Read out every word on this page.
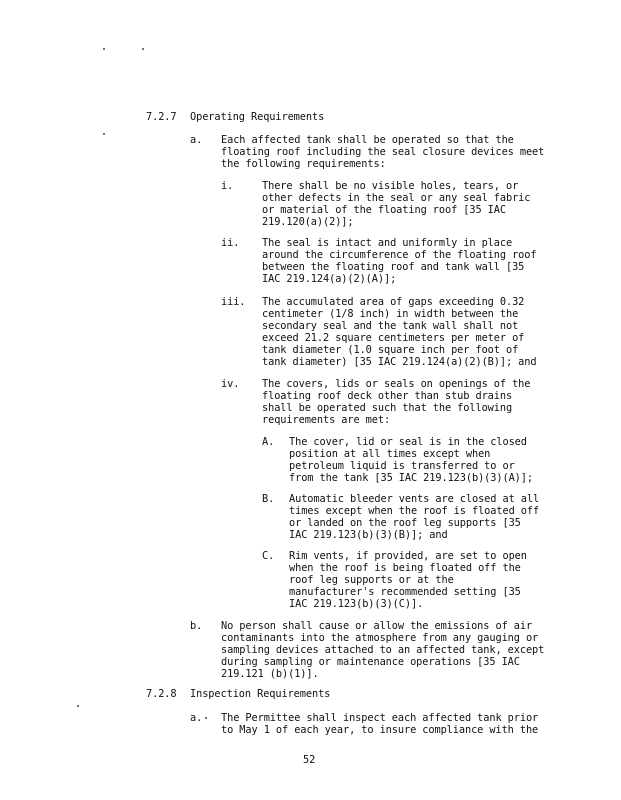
7.2.7 Operating Requirements
a. Each affected tank shall be operated so that the
floating roof including the seal closure devices meet
the following requirements:
i.	There shall be no visible holes, tears, or
other defects in the seal or any seal fabric
or material of the floating roof [35 IAC
219.120(a)(2)];
ii. The seal is intact and uniformly in place
around the circumference of the floating roof
between the floating roof and tank wall [35
IAC 219.124(a)(2)(A)];
iii. The accumulated area of gaps exceeding 0.32
centimeter (1/8 inch) in width between the
secondary seal and the tank wall shall not
exceed 21.2 square centimeters per meter of
tank diameter (1.0 square inch per foot of
tank diameter) [35 IAC 219.124(a)(2)(B)]; and
iv. The covers, lids or seals on openings of the
floating roof deck other than stub drains
shall be operated such that the following
requirements are met:
A. The cover, lid or seal is in the closed
position at all times except when
petroleum liquid is transferred to or
from the tank [35 IAC 219.123(b)(3)(A)];
B. Automatic bleeder vents are closed at all
times except when the roof is floated off
or landed on the roof leg supports [35
IAC 219.123(b)(3)(B)]; and
C. Rim vents, if provided, are set to open
when the roof is being floated off the
roof leg supports or at the
manufacturer's recommended setting [35
IAC 219.123(b)(3)(C)].
b. No person shall cause or allow the emissions of air
contaminants into the atmosphere from any gauging or
sampling devices attached to an affected tank, except
during sampling or maintenance operations [35 IAC
219.121 (b)(1)].
7.2.8 Inspection Requirements
a. The Permittee shall inspect each affected tank prior
to May 1 of each year, to insure compliance with the
52
